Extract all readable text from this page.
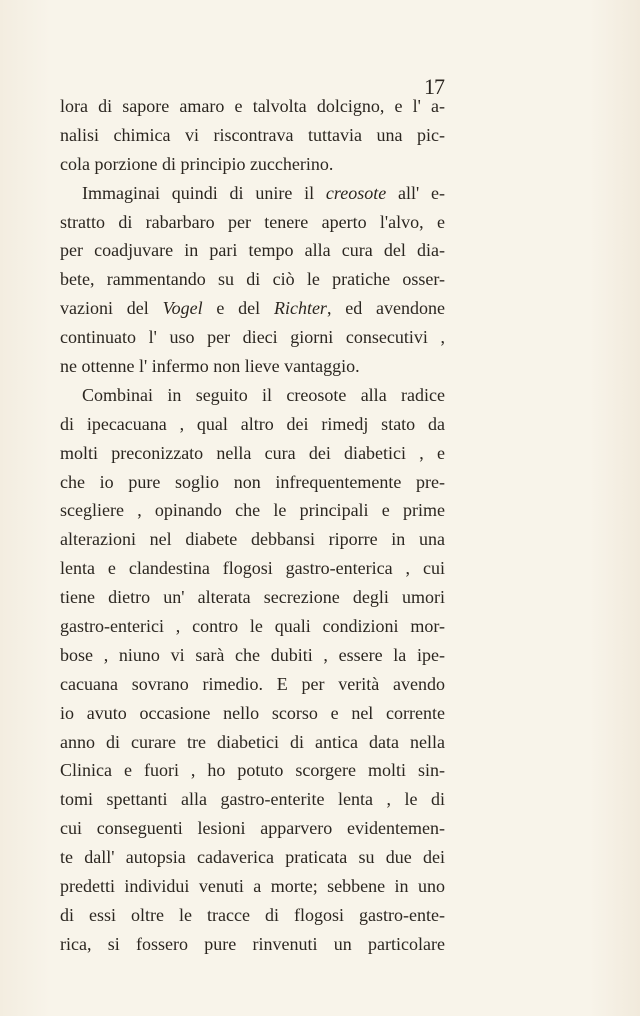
17
lora di sapore amaro e talvolta dolcigno, e l' a-
nalisi chimica vi riscontrava tuttavia una pic-
cola porzione di principio zuccherino.
Immaginai quindi di unire il creosote all' e-
stratto di rabarbaro per tenere aperto l'alvo, e
per coadjuvare in pari tempo alla cura del dia-
bete, rammentando su di ciò le pratiche osser-
vazioni del Vogel e del Richter, ed avendone
continuato l' uso per dieci giorni consecutivi ,
ne ottenne l' infermo non lieve vantaggio.
Combinai in seguito il creosote alla radice
di ipecacuana , qual altro dei rimedj stato da
molti preconizzato nella cura dei diabetici , e
che io pure soglio non infrequentemente pre-
scegliere , opinando che le principali e prime
alterazioni nel diabete debbansi riporre in una
lenta e clandestina flogosi gastro-enterica , cui
tiene dietro un' alterata secrezione degli umori
gastro-enterici , contro le quali condizioni mor-
bose , niuno vi sarà che dubiti , essere la ipe-
cacuana sovrano rimedio. E per verità avendo
io avuto occasione nello scorso e nel corrente
anno di curare tre diabetici di antica data nella
Clinica e fuori , ho potuto scorgere molti sin-
tomi spettanti alla gastro-enterite lenta , le di
cui conseguenti lesioni apparvero evidentemen-
te dall' autopsia cadaverica praticata su due dei
predetti individui venuti a morte; sebbene in uno
di essi oltre le tracce di flogosi gastro-ente-
rica, si fossero pure rinvenuti un particolare
